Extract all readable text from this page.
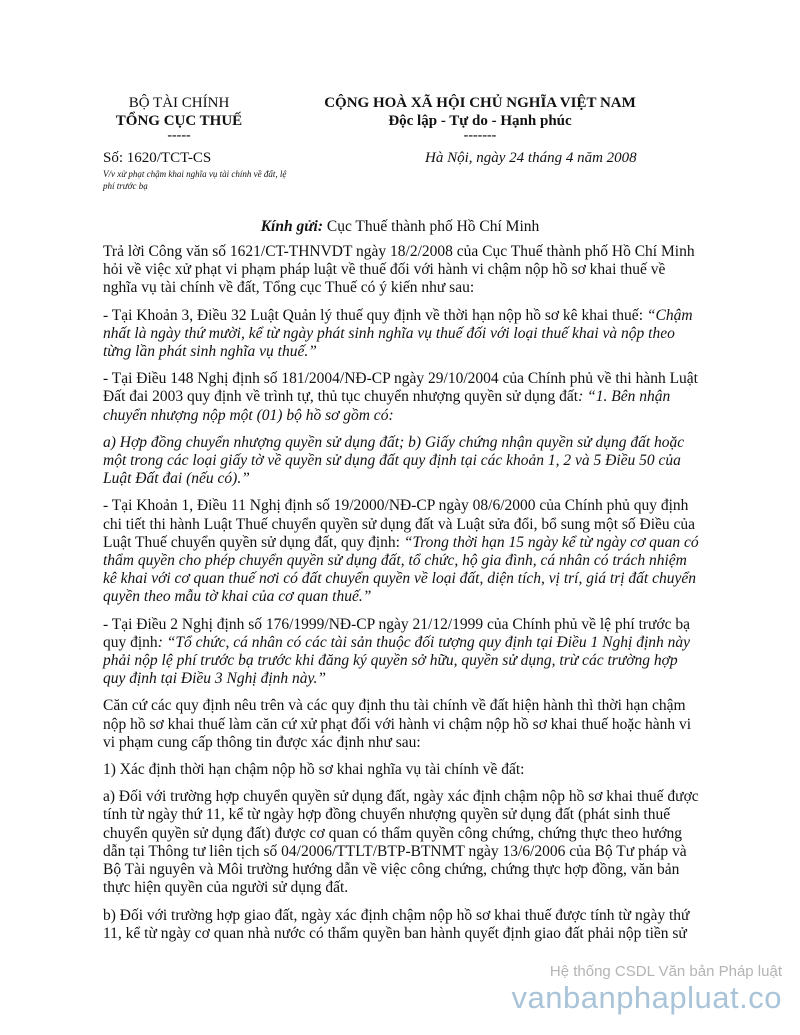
BỘ TÀI CHÍNH
TỔNG CỤC THUẾ
-----
CỘNG HOÀ XÃ HỘI CHỦ NGHĨA VIỆT NAM
Độc lập - Tự do - Hạnh phúc
-------
Số: 1620/TCT-CS	Hà Nội, ngày 24 tháng 4 năm 2008
V/v xử phạt chậm khai nghĩa vụ tài chính về đất, lệ phí trước bạ
Kính gửi: Cục Thuế thành phố Hồ Chí Minh

Trả lời Công văn số 1621/CT-THNVDT ngày 18/2/2008 của Cục Thuế thành phố Hồ Chí Minh hỏi về việc xử phạt vi phạm pháp luật về thuế đối với hành vi chậm nộp hồ sơ khai thuế về nghĩa vụ tài chính về đất, Tổng cục Thuế có ý kiến như sau:

- Tại Khoản 3, Điều 32 Luật Quản lý thuế quy định về thời hạn nộp hồ sơ kê khai thuế: “Chậm nhất là ngày thứ mười, kể từ ngày phát sinh nghĩa vụ thuế đối với loại thuế khai và nộp theo từng lần phát sinh nghĩa vụ thuế.”

- Tại Điều 148 Nghị định số 181/2004/NĐ-CP ngày 29/10/2004 của Chính phủ về thi hành Luật Đất đai 2003 quy định về trình tự, thủ tục chuyển nhượng quyền sử dụng đất: “1. Bên nhận chuyển nhượng nộp một (01) bộ hồ sơ gồm có:

a) Hợp đồng chuyển nhượng quyền sử dụng đất; b) Giấy chứng nhận quyền sử dụng đất hoặc một trong các loại giấy tờ về quyền sử dụng đất quy định tại các khoản 1, 2 và 5 Điều 50 của Luật Đất đai (nếu có).”

- Tại Khoản 1, Điều 11 Nghị định số 19/2000/NĐ-CP ngày 08/6/2000 của Chính phủ quy định chi tiết thi hành Luật Thuế chuyển quyền sử dụng đất và Luật sửa đổi, bổ sung một số Điều của Luật Thuế chuyển quyền sử dụng đất, quy định: “Trong thời hạn 15 ngày kể từ ngày cơ quan có thẩm quyền cho phép chuyển quyền sử dụng đất, tổ chức, hộ gia đình, cá nhân có trách nhiệm kê khai với cơ quan thuế nơi có đất chuyển quyền về loại đất, diện tích, vị trí, giá trị đất chuyển quyền theo mẫu tờ khai của cơ quan thuế.”

- Tại Điều 2 Nghị định số 176/1999/NĐ-CP ngày 21/12/1999 của Chính phủ về lệ phí trước bạ quy định: “Tổ chức, cá nhân có các tài sản thuộc đối tượng quy định tại Điều 1 Nghị định này phải nộp lệ phí trước bạ trước khi đăng ký quyền sở hữu, quyền sử dụng, trừ các trường hợp quy định tại Điều 3 Nghị định này.”

Căn cứ các quy định nêu trên và các quy định thu tài chính về đất hiện hành thì thời hạn chậm nộp hồ sơ khai thuế làm căn cứ xử phạt đối với hành vi chậm nộp hồ sơ khai thuế hoặc hành vi vi phạm cung cấp thông tin được xác định như sau:

1) Xác định thời hạn chậm nộp hồ sơ khai nghĩa vụ tài chính về đất:

a) Đối với trường hợp chuyển quyền sử dụng đất, ngày xác định chậm nộp hồ sơ khai thuế được tính từ ngày thứ 11, kể từ ngày hợp đồng chuyển nhượng quyền sử dụng đất (phát sinh thuế chuyển quyền sử dụng đất) được cơ quan có thẩm quyền công chứng, chứng thực theo hướng dẫn tại Thông tư liên tịch số 04/2006/TTLT/BTP-BTNMT ngày 13/6/2006 của Bộ Tư pháp và Bộ Tài nguyên và Môi trường hướng dẫn về việc công chứng, chứng thực hợp đồng, văn bản thực hiện quyền của người sử dụng đất.

b) Đối với trường hợp giao đất, ngày xác định chậm nộp hồ sơ khai thuế được tính từ ngày thứ 11, kể từ ngày cơ quan nhà nước có thẩm quyền ban hành quyết định giao đất phải nộp tiền sử

Hệ thống CSDL Văn bản Pháp luật
vanbanphapluat.co
